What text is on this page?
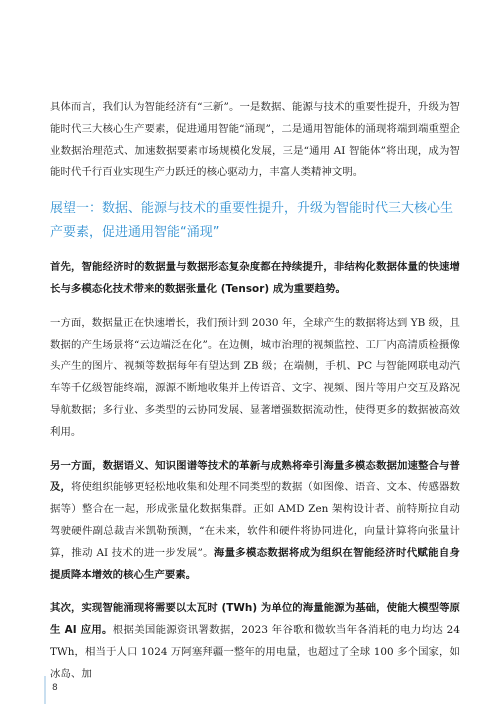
具体而言，我们认为智能经济有“三新”。一是数据、能源与技术的重要性提升，升级为智能时代三大核心生产要素，促进通用智能“涌现”，二是通用智能体的涌现将端到端重塑企业数据治理范式、加速数据要素市场规模化发展，三是“通用 AI 智能体”将出现，成为智能时代千行百业实现生产力跃迁的核心驱动力，丰富人类精神文明。

展望一：数据、能源与技术的重要性提升，升级为智能时代三大核心生产要素，促进通用智能“涌现”

首先，智能经济时的数据量与数据形态复杂度都在持续提升，非结构化数据体量的快速增长与多模态化技术带来的数据张量化 (Tensor) 成为重要趋势。

一方面，数据量正在快速增长，我们预计到 2030 年，全球产生的数据将达到 YB 级，且数据的产生场景将“云边端泛在化”。在边侧，城市治理的视频监控、工厂内高清质检摄像头产生的图片、视频等数据每年有望达到 ZB 级；在端侧，手机、PC 与智能网联电动汽车等千亿级智能终端，源源不断地收集并上传语音、文字、视频、图片等用户交互及路况导航数据；多行业、多类型的云协同发展、显著增强数据流动性，使得更多的数据被高效利用。

另一方面，数据语义、知识图谱等技术的革新与成熟将牵引海量多模态数据加速整合与普及，将使组织能够更轻松地收集和处理不同类型的数据（如图像、语音、文本、传感器数据等）整合在一起，形成张量化数据集群。正如 AMD Zen 架构设计者、前特斯拉自动驾驶硬件副总裁吉米凯勒预测，“在未来，软件和硬件将协同进化，向量计算将向张量计算，推动 AI 技术的进一步发展”。海量多模态数据将成为组织在智能经济时代赋能自身提质降本增效的核心生产要素。

其次，实现智能涌现将需要以太瓦时 (TWh) 为单位的海量能源为基础，使能大模型等原生 AI 应用。根据美国能源资讯署数据，2023 年谷歌和微软当年各消耗的电力均达 24 TWh，相当于人口 1024 万阿塞拜疆一整年的用电量，也超过了全球 100 多个国家，如冰岛、加

8
